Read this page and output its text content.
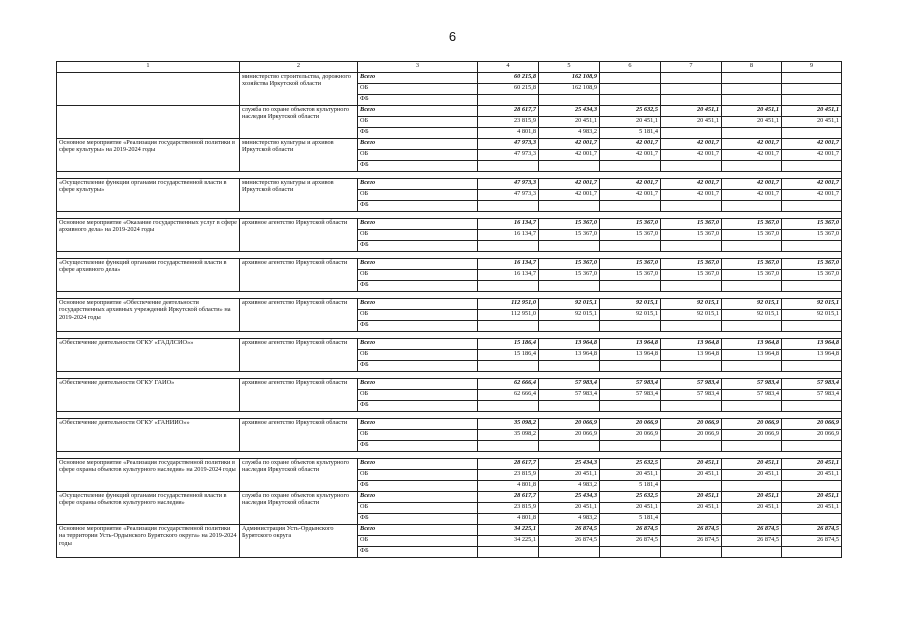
6
1	2	3	4	5	6	7	8	9
	министерство строительства, дорожного хозяйства Иркутской области	Всего	60 215,8	162 108,9				
		ОБ	60 215,8	162 108,9				
		ФБ						
	служба по охране объектов культурного наследия Иркутской области	Всего	28 617,7	25 434,3	25 632,5	20 451,1	20 451,1	20 451,1
		ОБ	23 815,9	20 451,1	20 451,1	20 451,1	20 451,1	20 451,1
		ФБ	4 801,8	4 983,2	5 181,4			
Основное мероприятие «Реализация государственной политики в сфере культуры» на 2019-2024 годы	министерство культуры и архивов Иркутской области	Всего	47 973,3	42 001,7	42 001,7	42 001,7	42 001,7	42 001,7
		ОБ	47 973,3	42 001,7	42 001,7	42 001,7	42 001,7	42 001,7
		ФБ						

«Осуществление функции органами государственной власти в сфере культуры»	министерство культуры и архивов Иркутской области	Всего	47 973,3	42 001,7	42 001,7	42 001,7	42 001,7	42 001,7
		ОБ	47 973,3	42 001,7	42 001,7	42 001,7	42 001,7	42 001,7
		ФБ						

Основное мероприятие «Оказание государственных услуг в сфере архивного дела» на 2019-2024 годы	архивное агентство Иркутской области	Всего	16 134,7	15 367,0	15 367,0	15 367,0	15 367,0	15 367,0
		ОБ	16 134,7	15 367,0	15 367,0	15 367,0	15 367,0	15 367,0
		ФБ						

«Осуществление функций органами государственной власти в сфере архивного дела»	архивное агентство Иркутской области	Всего	16 134,7	15 367,0	15 367,0	15 367,0	15 367,0	15 367,0
		ОБ	16 134,7	15 367,0	15 367,0	15 367,0	15 367,0	15 367,0
		ФБ						

Основное мероприятие «Обеспечение деятельности государственных архивных учреждений Иркутской области» на 2019-2024 годы	архивное агентство Иркутской области	Всего	112 951,0	92 015,1	92 015,1	92 015,1	92 015,1	92 015,1
		ОБ	112 951,0	92 015,1	92 015,1	92 015,1	92 015,1	92 015,1
		ФБ						

«Обеспечение деятельности ОГКУ «ГАДЛСИО»»	архивное агентство Иркутской области	Всего	15 186,4	13 964,8	13 964,8	13 964,8	13 964,8	13 964,8
		ОБ	15 186,4	13 964,8	13 964,8	13 964,8	13 964,8	13 964,8
		ФБ						

«Обеспечение деятельности ОГКУ ГАИО»	архивное агентство Иркутской области	Всего	62 666,4	57 983,4	57 983,4	57 983,4	57 983,4	57 983,4
		ОБ	62 666,4	57 983,4	57 983,4	57 983,4	57 983,4	57 983,4
		ФБ						

«Обеспечение деятельности ОГКУ «ГАНИИО»»	архивное агентство Иркутской области	Всего	35 098,2	20 066,9	20 066,9	20 066,9	20 066,9	20 066,9
		ОБ	35 098,2	20 066,9	20 066,9	20 066,9	20 066,9	20 066,9
		ФБ						

Основное мероприятие «Реализация государственной политики в сфере охраны объектов культурного наследия» на 2019-2024 годы	служба по охране объектов культурного наследия Иркутской области	Всего	28 617,7	25 434,3	25 632,5	20 451,1	20 451,1	20 451,1
		ОБ	23 815,9	20 451,1	20 451,1	20 451,1	20 451,1	20 451,1
		ФБ	4 801,8	4 983,2	5 181,4			
«Осуществление функций органами государственной власти в сфере охраны объектов культурного наследия»	служба по охране объектов культурного наследия Иркутской области	Всего	28 617,7	25 434,3	25 632,5	20 451,1	20 451,1	20 451,1
		ОБ	23 815,9	20 451,1	20 451,1	20 451,1	20 451,1	20 451,1
		ФБ	4 801,8	4 983,2	5 181,4			
Основное мероприятие «Реализация государственной политики на территории Усть-Ордынского Бурятского округа» на 2019-2024 годы	Администрация Усть-Ордынского Бурятского округа	Всего	34 225,1	26 874,5	26 874,5	26 874,5	26 874,5	26 874,5
		ОБ	34 225,1	26 874,5	26 874,5	26 874,5	26 874,5	26 874,5
		ФБ						
